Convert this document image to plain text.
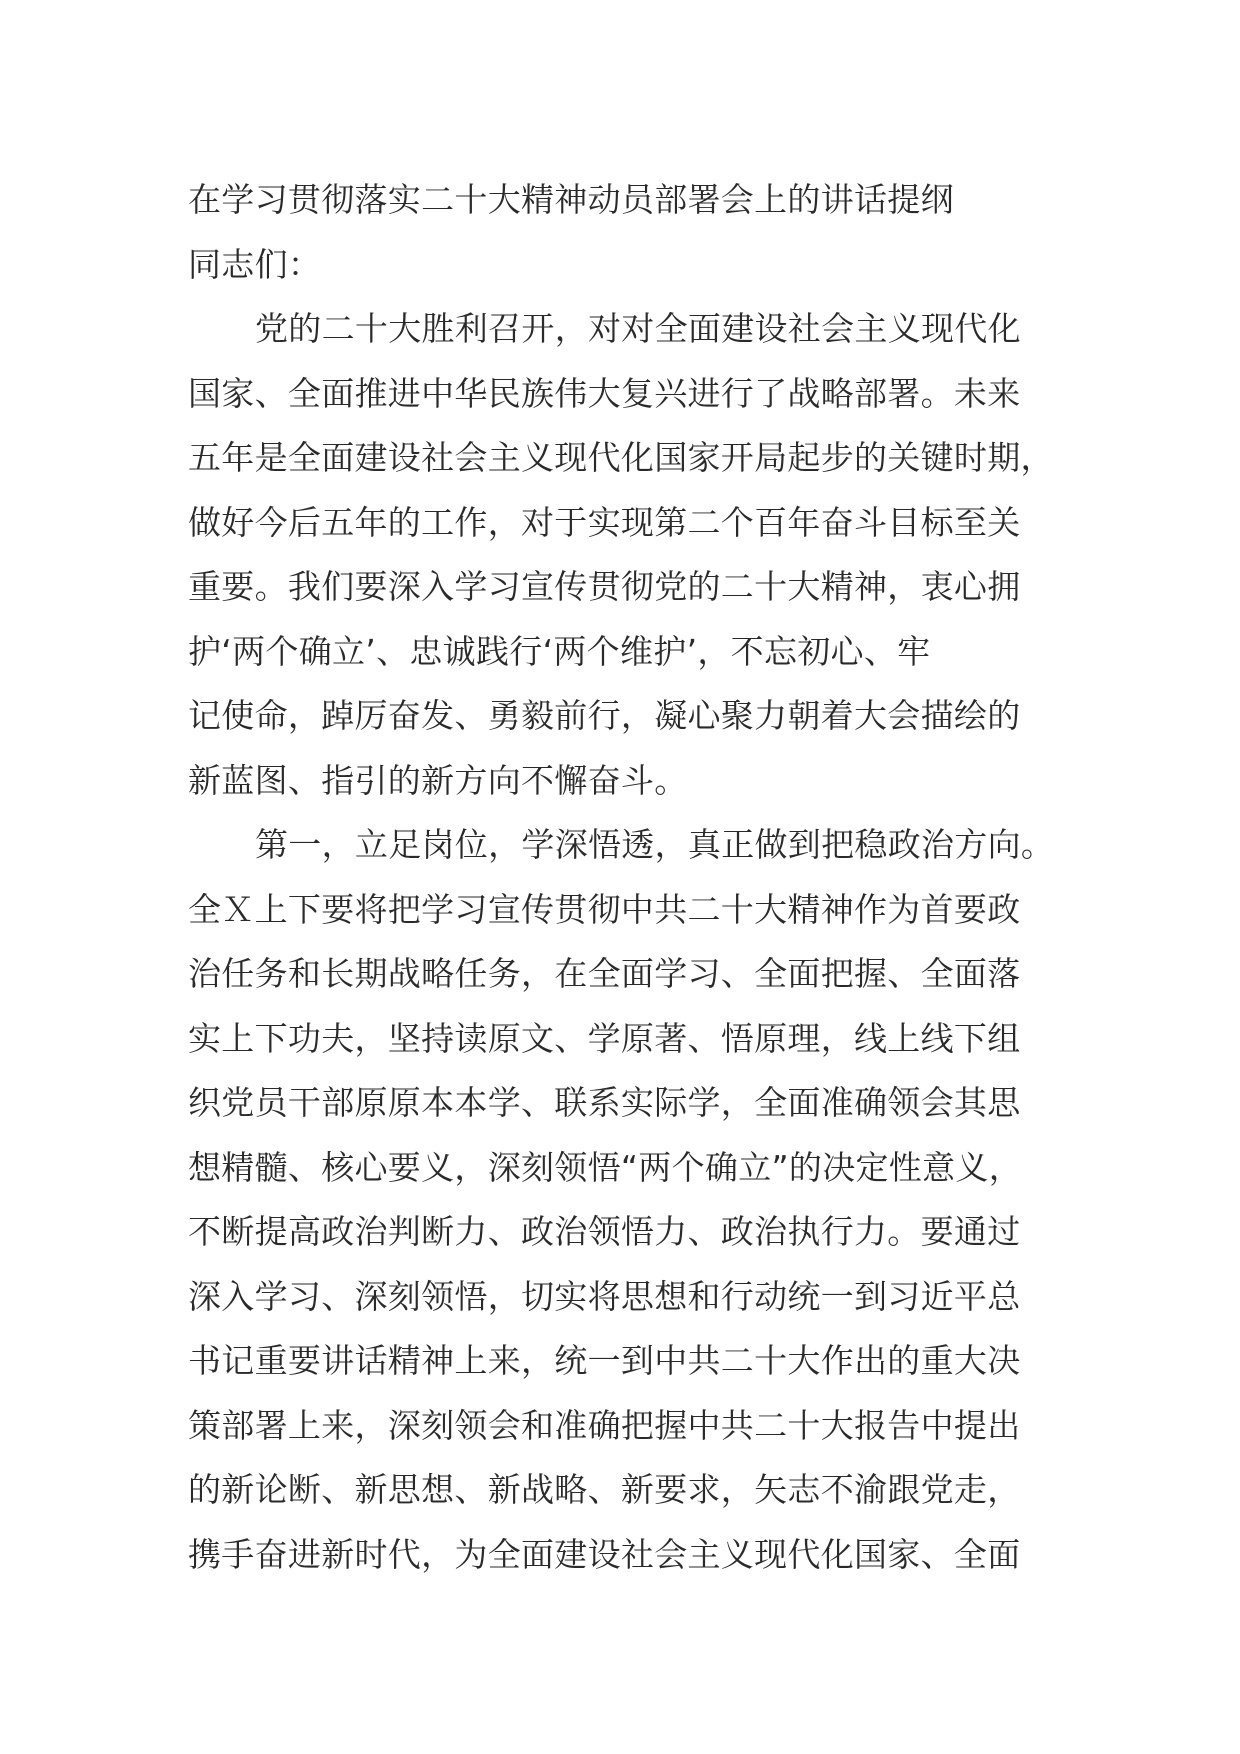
在学习贯彻落实二十大精神动员部署会上的讲话提纲

同志们：

党的二十大胜利召开，对对全面建设社会主义现代化

国家、全面推进中华民族伟大复兴进行了战略部署。未来

五年是全面建设社会主义现代化国家开局起步的关键时期，

做好今后五年的工作，对于实现第二个百年奋斗目标至关

重要。我们要深入学习宣传贯彻党的二十大精神，衷心拥

护‘两个确立’、忠诚践行‘两个维护’，不忘初心、牢

记使命，踔厉奋发、勇毅前行，凝心聚力朝着大会描绘的

新蓝图、指引的新方向不懈奋斗。

第一，立足岗位，学深悟透，真正做到把稳政治方向。

全Ｘ上下要将把学习宣传贯彻中共二十大精神作为首要政

治任务和长期战略任务，在全面学习、全面把握、全面落

实上下功夫，坚持读原文、学原著、悟原理，线上线下组

织党员干部原原本本学、联系实际学，全面准确领会其思

想精髓、核心要义，深刻领悟“两个确立”的决定性意义，

不断提高政治判断力、政治领悟力、政治执行力。要通过

深入学习、深刻领悟，切实将思想和行动统一到习近平总

书记重要讲话精神上来，统一到中共二十大作出的重大决

策部署上来，深刻领会和准确把握中共二十大报告中提出

的新论断、新思想、新战略、新要求，矢志不渝跟党走，

携手奋进新时代，为全面建设社会主义现代化国家、全面
